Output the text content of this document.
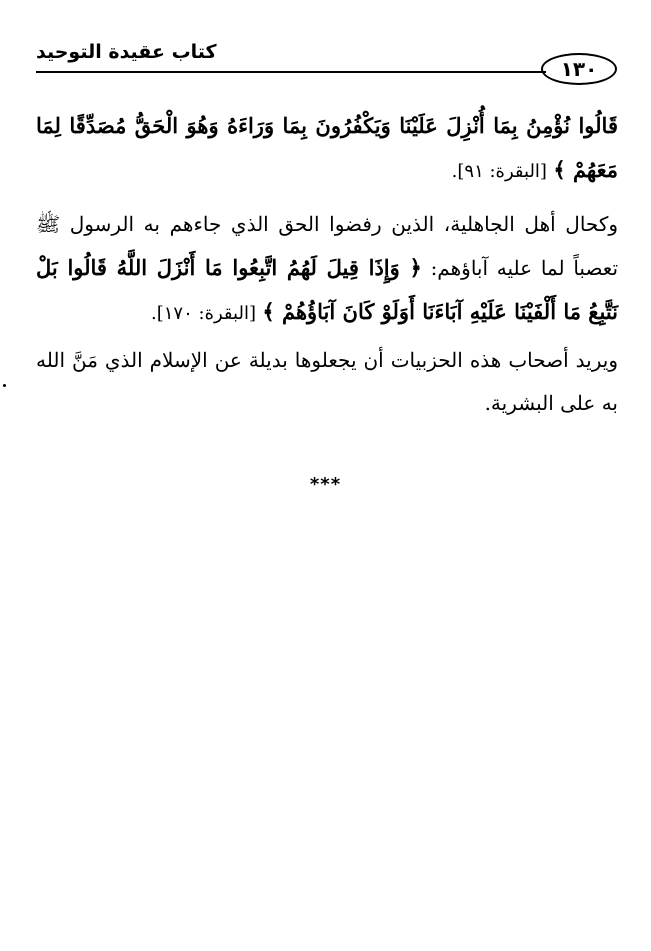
كتاب عقيدة التوحيد
١٣٠
قَالُوا نُؤْمِنُ بِمَا أُنْزِلَ عَلَيْنَا وَيَكْفُرُونَ بِمَا وَرَاءَهُ وَهُوَ الْحَقُّ مُصَدِّقًا لِمَا مَعَهُمْ ﴾ [البقرة: ٩١].
وكحال أهل الجاهلية، الذين رفضوا الحق الذي جاءهم به الرسول ﷺ تعصباً لما عليه آباؤهم: ﴿ وَإِذَا قِيلَ لَهُمُ اتَّبِعُوا مَا أَنْزَلَ اللَّهُ قَالُوا بَلْ نَتَّبِعُ مَا أَلْفَيْنَا عَلَيْهِ آبَاءَنَا أَوَلَوْ كَانَ آبَاؤُهُمْ ﴾ [البقرة: ١٧٠].
ويريد أصحاب هذه الحزبيات أن يجعلوها بديلة عن الإسلام الذي مَنَّ الله به على البشرية.
***
